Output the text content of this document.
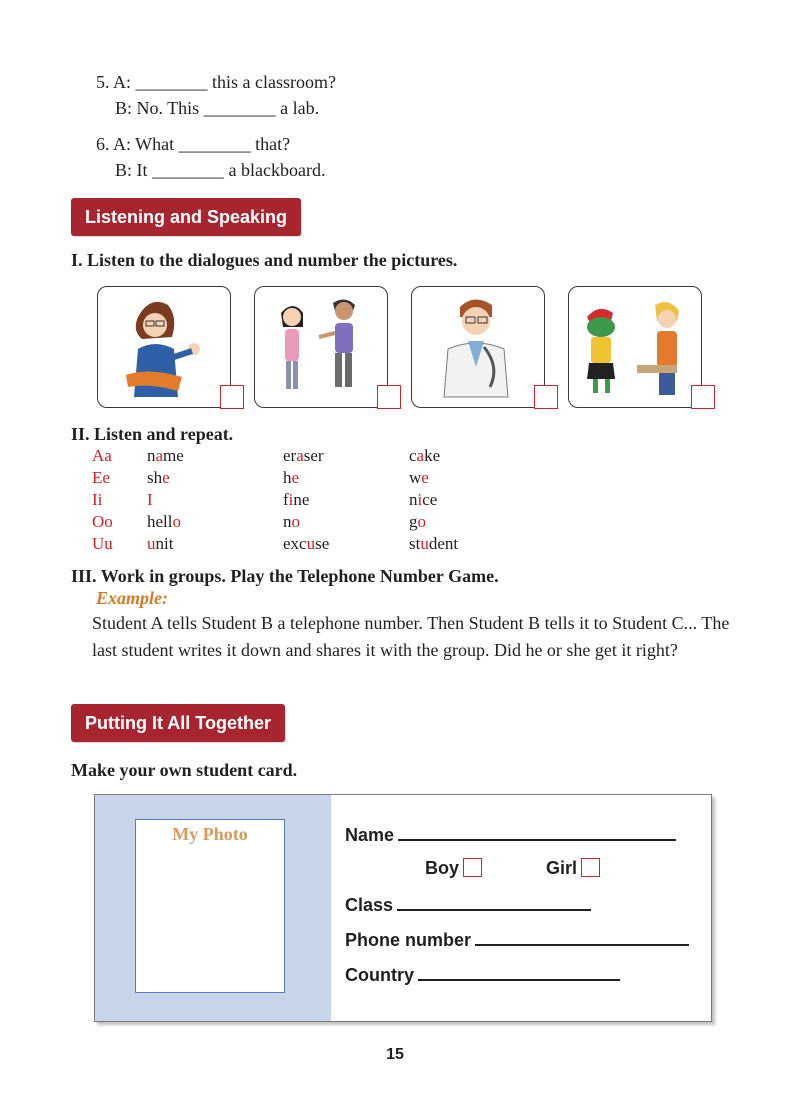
5. A: ________ this a classroom?
B: No. This ________ a lab.
6. A: What ________ that?
B: It ________ a blackboard.
Listening and Speaking
I. Listen to the dialogues and number the pictures.
II. Listen and repeat.
Aa name	eraser	cake
Ee she	he	we
Ii	I	fine	nice
Oo hello	no	go
Uu unit	excuse	student
III. Work in groups. Play the Telephone Number Game.
Example:
Student A tells Student B a telephone number. Then Student B tells it to Student C... The last student writes it down and shares it with the group. Did he or she get it right?
Putting It All Together
Make your own student card.
My Photo	Name
Boy	Girl
Class
Phone number
Country
15
